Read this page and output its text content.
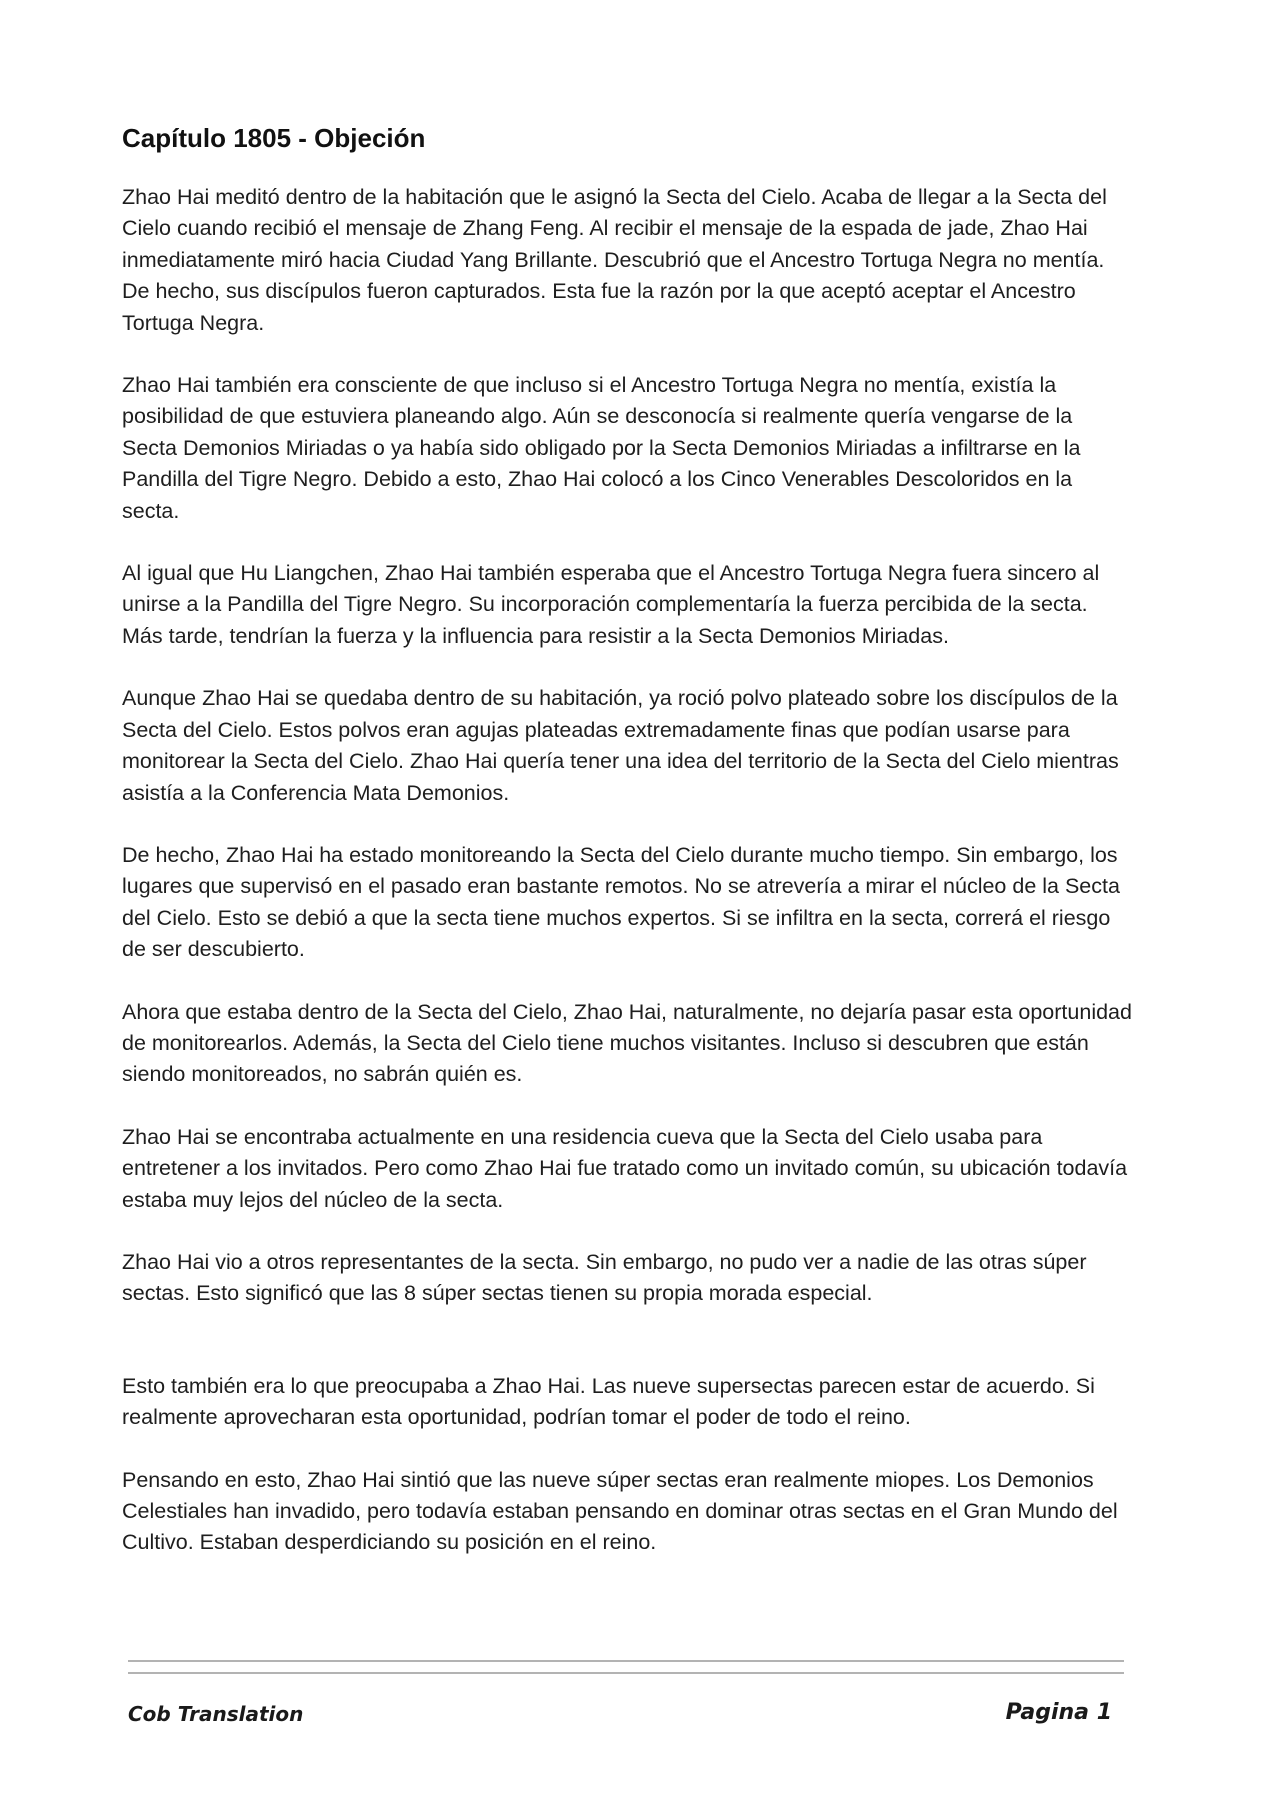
Capítulo 1805 - Objeción

Zhao Hai meditó dentro de la habitación que le asignó la Secta del Cielo. Acaba de llegar a la Secta del Cielo cuando recibió el mensaje de Zhang Feng. Al recibir el mensaje de la espada de jade, Zhao Hai inmediatamente miró hacia Ciudad Yang Brillante. Descubrió que el Ancestro Tortuga Negra no mentía. De hecho, sus discípulos fueron capturados. Esta fue la razón por la que aceptó aceptar el Ancestro Tortuga Negra.

Zhao Hai también era consciente de que incluso si el Ancestro Tortuga Negra no mentía, existía la posibilidad de que estuviera planeando algo. Aún se desconocía si realmente quería vengarse de la Secta Demonios Miriadas o ya había sido obligado por la Secta Demonios Miriadas a infiltrarse en la Pandilla del Tigre Negro. Debido a esto, Zhao Hai colocó a los Cinco Venerables Descoloridos en la secta.

Al igual que Hu Liangchen, Zhao Hai también esperaba que el Ancestro Tortuga Negra fuera sincero al unirse a la Pandilla del Tigre Negro. Su incorporación complementaría la fuerza percibida de la secta. Más tarde, tendrían la fuerza y la influencia para resistir a la Secta Demonios Miriadas.

Aunque Zhao Hai se quedaba dentro de su habitación, ya roció polvo plateado sobre los discípulos de la Secta del Cielo. Estos polvos eran agujas plateadas extremadamente finas que podían usarse para monitorear la Secta del Cielo. Zhao Hai quería tener una idea del territorio de la Secta del Cielo mientras asistía a la Conferencia Mata Demonios.

De hecho, Zhao Hai ha estado monitoreando la Secta del Cielo durante mucho tiempo. Sin embargo, los lugares que supervisó en el pasado eran bastante remotos. No se atrevería a mirar el núcleo de la Secta del Cielo. Esto se debió a que la secta tiene muchos expertos. Si se infiltra en la secta, correrá el riesgo de ser descubierto.

Ahora que estaba dentro de la Secta del Cielo, Zhao Hai, naturalmente, no dejaría pasar esta oportunidad de monitorearlos. Además, la Secta del Cielo tiene muchos visitantes. Incluso si descubren que están siendo monitoreados, no sabrán quién es.

Zhao Hai se encontraba actualmente en una residencia cueva que la Secta del Cielo usaba para entretener a los invitados. Pero como Zhao Hai fue tratado como un invitado común, su ubicación todavía estaba muy lejos del núcleo de la secta.

Zhao Hai vio a otros representantes de la secta. Sin embargo, no pudo ver a nadie de las otras súper sectas. Esto significó que las 8 súper sectas tienen su propia morada especial.

Esto también era lo que preocupaba a Zhao Hai. Las nueve supersectas parecen estar de acuerdo. Si realmente aprovecharan esta oportunidad, podrían tomar el poder de todo el reino.

Pensando en esto, Zhao Hai sintió que las nueve súper sectas eran realmente miopes. Los Demonios Celestiales han invadido, pero todavía estaban pensando en dominar otras sectas en el Gran Mundo del Cultivo. Estaban desperdiciando su posición en el reino.

Cob Translation	Pagina 1
